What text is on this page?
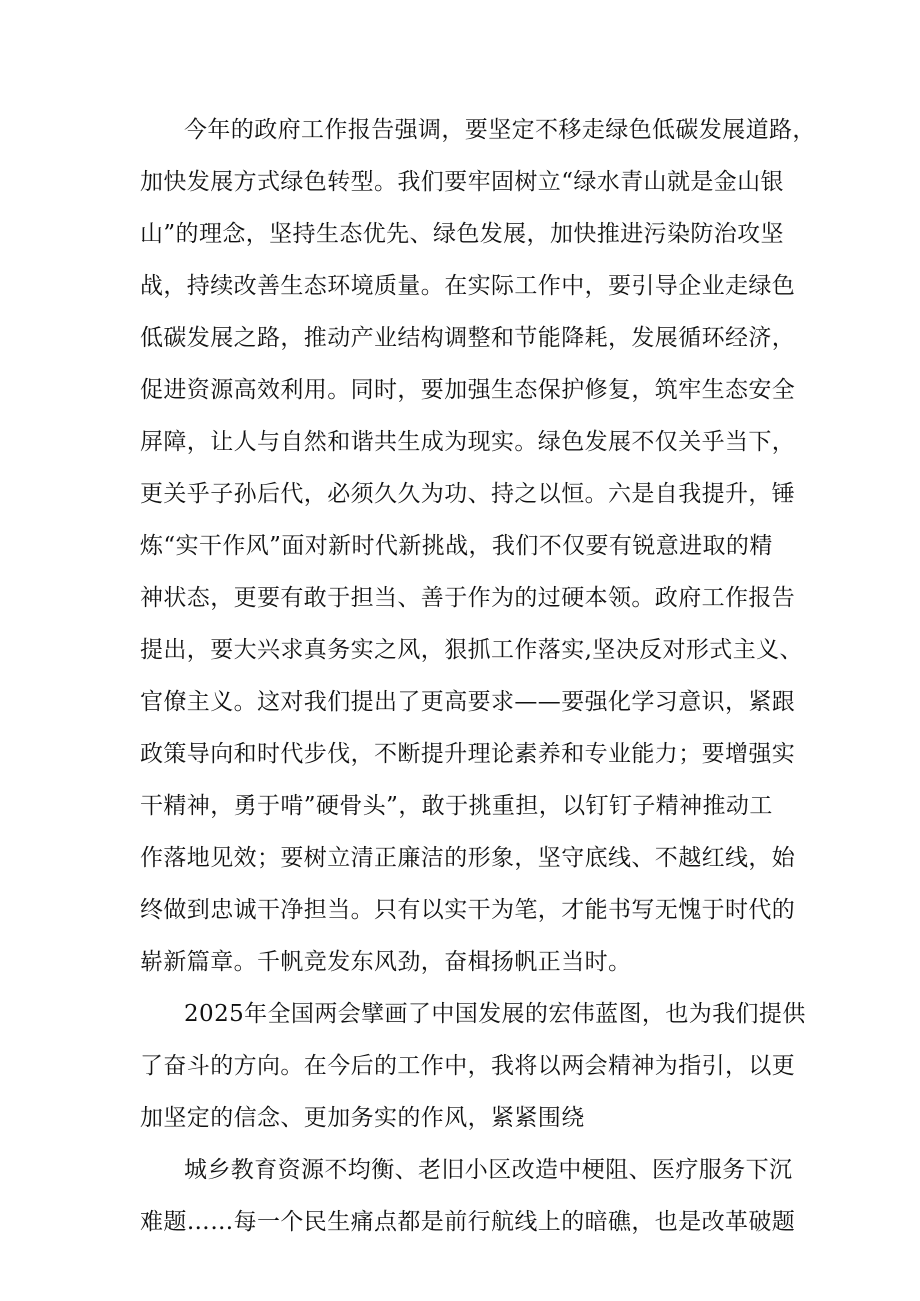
今年的政府工作报告强调，要坚定不移走绿色低碳发展道路，

加快发展方式绿色转型。我们要牢固树立“绿水青山就是金山银

山”的理念，坚持生态优先、绿色发展，加快推进污染防治攻坚

战，持续改善生态环境质量。在实际工作中，要引导企业走绿色

低碳发展之路，推动产业结构调整和节能降耗，发展循环经济，

促进资源高效利用。同时，要加强生态保护修复，筑牢生态安全

屏障，让人与自然和谐共生成为现实。绿色发展不仅关乎当下，

更关乎子孙后代，必须久久为功、持之以恒。六是自我提升，锤

炼“实干作风”面对新时代新挑战，我们不仅要有锐意进取的精

神状态，更要有敢于担当、善于作为的过硬本领。政府工作报告

提出，要大兴求真务实之风，狠抓工作落实,坚决反对形式主义、

官僚主义。这对我们提出了更高要求——要强化学习意识，紧跟

政策导向和时代步伐，不断提升理论素养和专业能力；要增强实

干精神，勇于啃”硬骨头”，敢于挑重担，以钉钉子精神推动工

作落地见效；要树立清正廉洁的形象，坚守底线、不越红线，始

终做到忠诚干净担当。只有以实干为笔，才能书写无愧于时代的

崭新篇章。千帆竞发东风劲，奋楫扬帆正当时。

2025年全国两会擘画了中国发展的宏伟蓝图，也为我们提供

了奋斗的方向。在今后的工作中，我将以两会精神为指引，以更

加坚定的信念、更加务实的作风，紧紧围绕

城乡教育资源不均衡、老旧小区改造中梗阻、医疗服务下沉

难题……每一个民生痛点都是前行航线上的暗礁，也是改革破题
